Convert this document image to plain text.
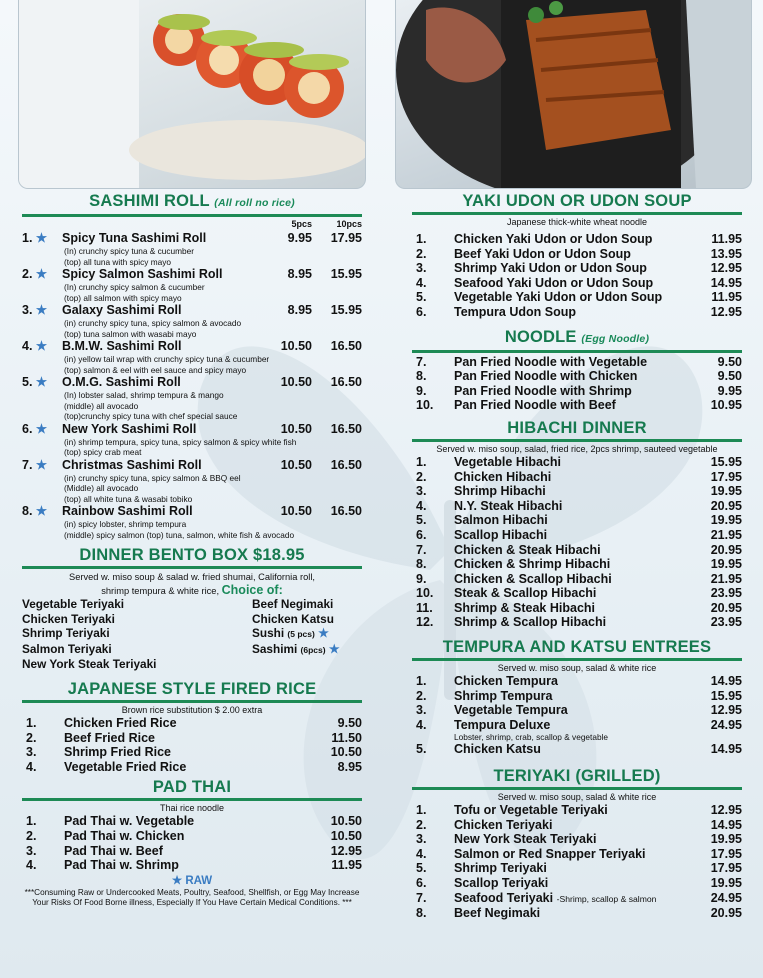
SASHIMI ROLL (All roll no rice)
5pcs	10pcs
1. ★	Spicy Tuna Sashimi Roll	9.95	17.95
(In) crunchy spicy tuna & cucumber
(top) all tuna with spicy mayo
2. ★	Spicy Salmon Sashimi Roll	8.95	15.95
(In) crunchy spicy salmon & cucumber
(top) all salmon with spicy mayo
3. ★	Galaxy Sashimi Roll	8.95	15.95
(in) crunchy spicy tuna, spicy salmon & avocado
(top) tuna salmon with wasabi mayo
4. ★	B.M.W. Sashimi Roll	10.50	16.50
(in) yellow tail wrap with crunchy spicy tuna & cucumber
(top) salmon & eel with eel sauce and spicy mayo
5. ★	O.M.G. Sashimi Roll	10.50	16.50
(In) lobster salad, shrimp tempura & mango
(middle) all avocado
(top)crunchy spicy tuna with chef special sauce
6. ★	New York Sashimi Roll	10.50	16.50
(in) shrimp tempura, spicy tuna, spicy salmon & spicy white fish
(top) spicy crab meat
7. ★	Christmas Sashimi Roll	10.50	16.50
(in) crunchy spicy tuna, spicy salmon & BBQ eel
(Middle) all avocado
(top) all white tuna & wasabi tobiko
8. ★	Rainbow Sashimi Roll	10.50	16.50
(in) spicy lobster, shrimp tempura
(middle) spicy salmon (top) tuna, salmon, white fish & avocado
DINNER BENTO BOX $18.95
Served w. miso soup & salad w. fried shumai, California roll,
shrimp tempura & white rice, Choice of:
Vegetable Teriyaki	Beef Negimaki
Chicken Teriyaki	Chicken Katsu
Shrimp Teriyaki	Sushi (5 pcs) ★
Salmon Teriyaki	Sashimi (6pcs) ★
New York Steak Teriyaki
JAPANESE STYLE FIRED RICE
Brown rice substitution $ 2.00 extra
1.	Chicken Fried Rice	9.50
2.	Beef Fried Rice	11.50
3.	Shrimp Fried Rice	10.50
4.	Vegetable Fried Rice	8.95
PAD THAI
Thai rice noodle
1.	Pad Thai w. Vegetable	10.50
2.	Pad Thai w. Chicken	10.50
3.	Pad Thai w. Beef	12.95
4.	Pad Thai w. Shrimp	11.95
★ RAW
***Consuming Raw or Undercooked Meats, Poultry, Seafood, Shellfish, or Egg May Increase
Your Risks Of Food Borne illness, Especially If You Have Certain Medical Conditions. ***
YAKI UDON OR UDON SOUP
Japanese thick-white wheat noodle
1.	Chicken Yaki Udon or Udon Soup	11.95
2.	Beef Yaki Udon or Udon Soup	13.95
3.	Shrimp Yaki Udon or Udon Soup	12.95
4.	Seafood Yaki Udon or Udon Soup	14.95
5.	Vegetable Yaki Udon or Udon Soup	11.95
6.	Tempura Udon Soup	12.95
NOODLE (Egg Noodle)
7.	Pan Fried Noodle with Vegetable	9.50
8.	Pan Fried Noodle with Chicken	9.50
9.	Pan Fried Noodle with Shrimp	9.95
10.	Pan Fried Noodle with Beef	10.95
HIBACHI DINNER
Served w. miso soup, salad, fried rice, 2pcs shrimp, sauteed vegetable
1.	Vegetable Hibachi	15.95
2.	Chicken Hibachi	17.95
3.	Shrimp Hibachi	19.95
4.	N.Y. Steak Hibachi	20.95
5.	Salmon Hibachi	19.95
6.	Scallop Hibachi	21.95
7.	Chicken & Steak Hibachi	20.95
8.	Chicken & Shrimp Hibachi	19.95
9.	Chicken & Scallop Hibachi	21.95
10.	Steak & Scallop Hibachi	23.95
11.	Shrimp & Steak Hibachi	20.95
12.	Shrimp & Scallop Hibachi	23.95
TEMPURA AND KATSU ENTREES
Served w. miso soup, salad & white rice
1.	Chicken Tempura	14.95
2.	Shrimp Tempura	15.95
3.	Vegetable Tempura	12.95
4.	Tempura Deluxe	24.95
Lobster, shrimp, crab, scallop & vegetable
5.	Chicken Katsu	14.95
TERIYAKI (GRILLED)
Served w. miso soup, salad & white rice
1.	Tofu or Vegetable Teriyaki	12.95
2.	Chicken Teriyaki	14.95
3.	New York Steak Teriyaki	19.95
4.	Salmon or Red Snapper Teriyaki	17.95
5.	Shrimp Teriyaki	17.95
6.	Scallop Teriyaki	19.95
7.	Seafood Teriyaki -Shrimp, scallop & salmon	24.95
8.	Beef Negimaki	20.95
